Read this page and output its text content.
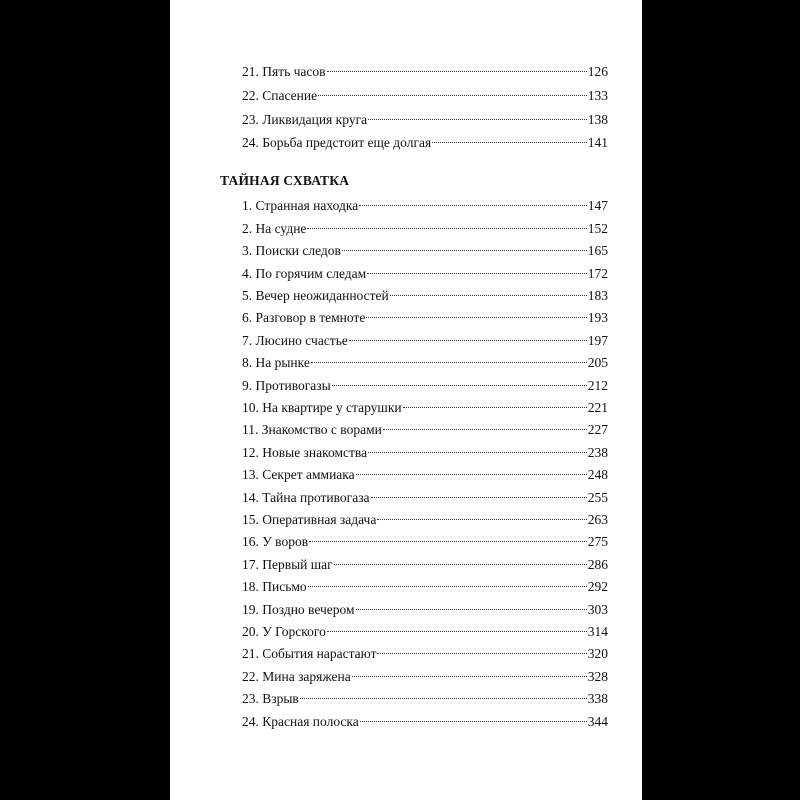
21. Пять часов	126
22. Спасение	133
23. Ликвидация круга	138
24. Борьба предстоит еще долгая	141
ТАЙНАЯ СХВАТКА
1. Странная находка	147
2. На судне	152
3. Поиски следов	165
4. По горячим следам	172
5. Вечер неожиданностей	183
6. Разговор в темноте	193
7. Люсино счастье	197
8. На рынке	205
9. Противогазы	212
10. На квартире у старушки	221
11. Знакомство с ворами	227
12. Новые знакомства	238
13. Секрет аммиака	248
14. Тайна противогаза	255
15. Оперативная задача	263
16. У воров	275
17. Первый шаг	286
18. Письмо	292
19. Поздно вечером	303
20. У Горского	314
21. События нарастают	320
22. Мина заряжена	328
23. Взрыв	338
24. Красная полоска	344
